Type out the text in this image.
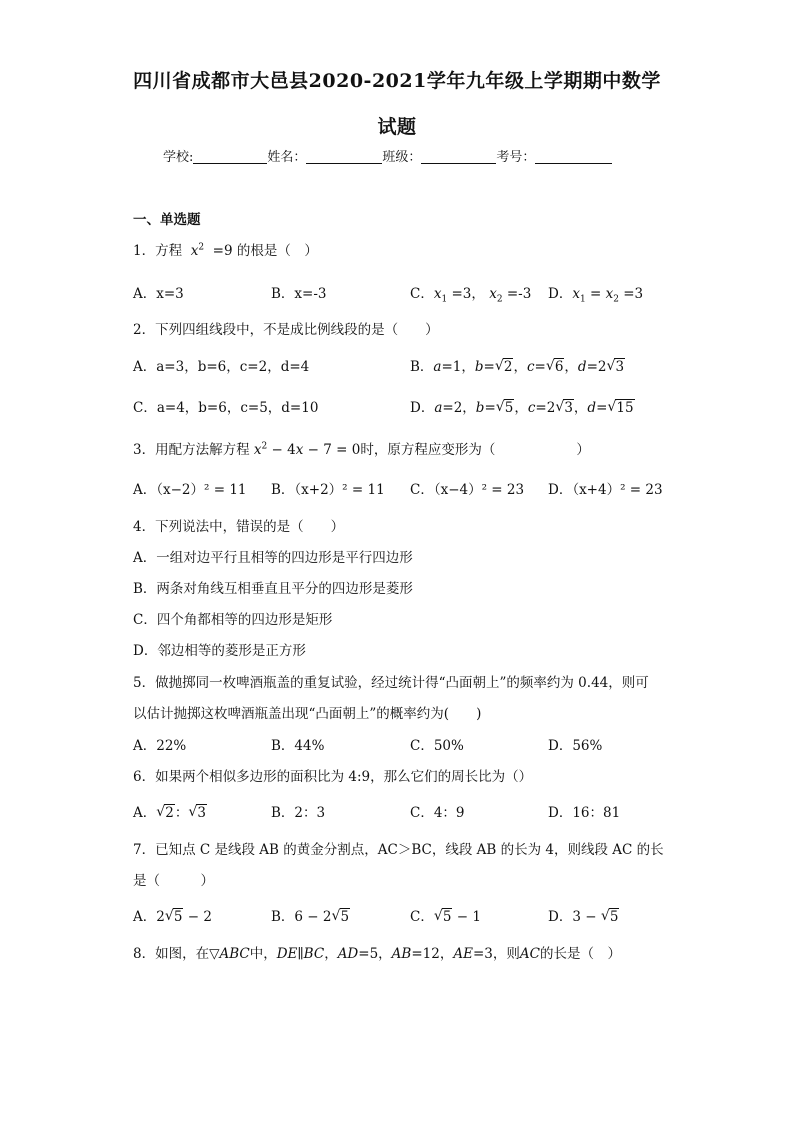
四川省成都市大邑县2020-2021学年九年级上学期期中数学
试题
学校:	姓名：	班级：	考号：
一、单选题
1．方程 $x^2 =9$ 的根是（　）
A．x=3	B．x=-3	C．$x_1 =3$， $x_2 =-3$ D．$x_1 = x_2 =3$
2．下列四组线段中，不是成比例线段的是（　　）
A．a=3，b=6，c=2，d=4	B．a=1，b= √ 2，c= √ 6，d=2 √ 3
C．a=4，b=6，c=5，d=10	D．a=2，b= √ 5，c=2 √ 3，d= √ 15
3．用配方法解方程 $x^2 - 4x - 7 = 0$时，原方程应变形为（　　　　　　）
A．（x−2）² = 11 B．（x+2）² = 11 C．（x−4）² = 23 D．（x+4）² = 23
4．下列说法中，错误的是（　　）
A．一组对边平行且相等的四边形是平行四边形
B．两条对角线互相垂直且平分的四边形是菱形
C．四个角都相等的四边形是矩形
D．邻边相等的菱形是正方形
5．做抛掷同一枚啤酒瓶盖的重复试验，经过统计得“凸面朝上”的频率约为 0.44，则可
以估计抛掷这枚啤酒瓶盖出现“凸面朝上”的概率约为(　　)
A．22%	B．44%	C．50%	D．56%
6．如果两个相似多边形的面积比为 4:9，那么它们的周长比为（）
A． √ 2： √ 3	B．2：3	C．4：9	D．16：81
7．已知点 C 是线段 AB 的黄金分割点，AC＞BC，线段 AB 的长为 4，则线段 AC 的长
是（　　　）
A．2 √ 5 − 2	B．6 − 2 √ 5	C． √ 5 − 1	D．3 − √ 5
8．如图，在▽ABC中，DE∥BC，AD=5，AB=12，AE=3，则AC的长是（　）
